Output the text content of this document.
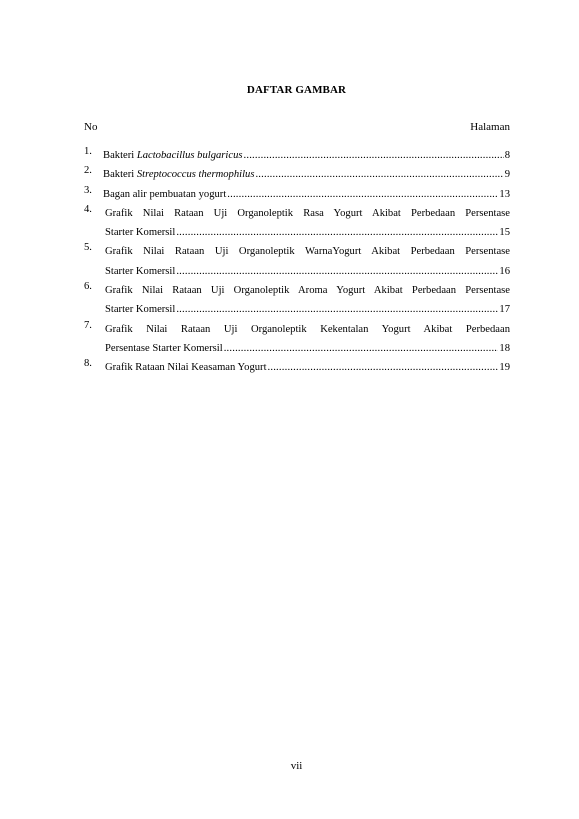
DAFTAR GAMBAR
No	Halaman
1. Bakteri Lactobacillus bulgaricus .....	8
2. Bakteri Streptococcus thermophilus .....	9
3. Bagan alir pembuatan yogurt .....	13
4.	Grafik Nilai Rataan Uji Organoleptik Rasa Yogurt Akibat Perbedaan Persentase
Starter Komersil .....	15
5.	Grafik Nilai Rataan Uji Organoleptik WarnaYogurt Akibat Perbedaan Persentase
Starter Komersil .....	16
6.	Grafik Nilai Rataan Uji Organoleptik Aroma Yogurt Akibat Perbedaan Persentase
Starter Komersil .....	17
7.	Grafik Nilai Rataan Uji Organoleptik Kekentalan Yogurt Akibat Perbedaan
Persentase Starter Komersil .....	18
8. Grafik Rataan Nilai Keasaman Yogurt .....	19
vii
